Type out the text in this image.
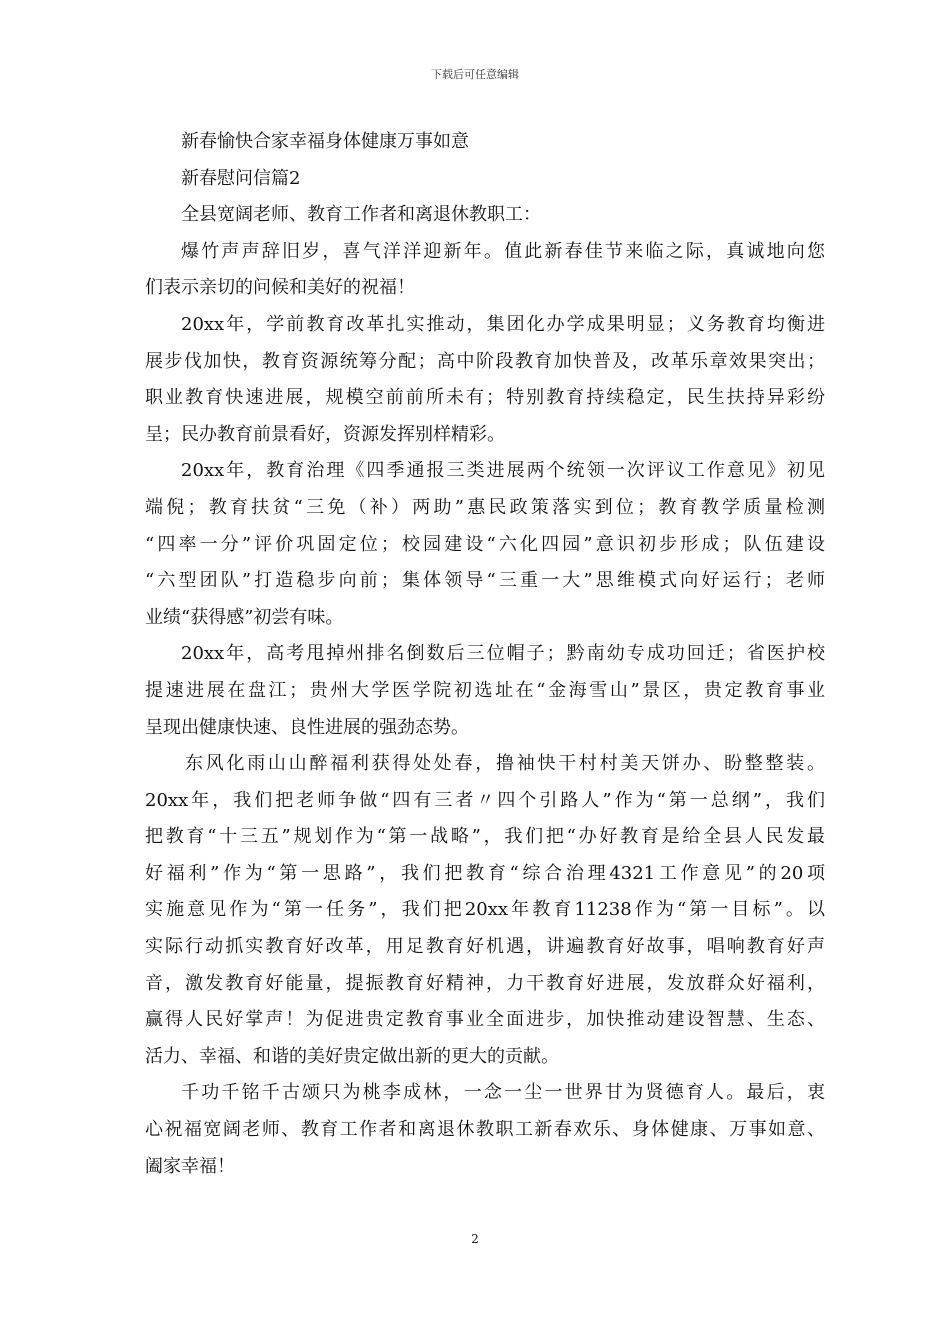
下载后可任意编辑
新春愉快合家幸福身体健康万事如意
新春慰问信篇2
全县宽阔老师、教育工作者和离退休教职工：
爆竹声声辞旧岁，喜气洋洋迎新年。值此新春佳节来临之际，真诚地向您
们表示亲切的问候和美好的祝福！
20xx年，学前教育改革扎实推动，集团化办学成果明显；义务教育均衡进
展步伐加快，教育资源统筹分配；高中阶段教育加快普及，改革乐章效果突出；
职业教育快速进展，规模空前前所未有；特别教育持续稳定，民生扶持异彩纷
呈；民办教育前景看好，资源发挥别样精彩。
20xx年，教育治理《四季通报三类进展两个统领一次评议工作意见》初见
端倪；教育扶贫“三免（补）两助”惠民政策落实到位；教育教学质量检测
“四率一分”评价巩固定位；校园建设“六化四园”意识初步形成；队伍建设
“六型团队”打造稳步向前；集体领导“三重一大”思维模式向好运行；老师
业绩“获得感”初尝有味。
20xx年，高考甩掉州排名倒数后三位帽子；黔南幼专成功回迁；省医护校
提速进展在盘江；贵州大学医学院初选址在“金海雪山”景区，贵定教育事业
呈现出健康快速、良性进展的强劲态势。
东风化雨山山醉福利获得处处春，撸袖快干村村美天饼办、盼整整装。
20xx年，我们把老师争做“四有三者〃四个引路人”作为“第一总纲”，我们
把教育“十三五”规划作为“第一战略”，我们把“办好教育是给全县人民发最
好福利”作为“第一思路”，我们把教育“综合治理4321工作意见”的20项
实施意见作为“第一任务”，我们把20xx年教育11238作为“第一目标”。以
实际行动抓实教育好改革，用足教育好机遇，讲遍教育好故事，唱响教育好声
音，激发教育好能量，提振教育好精神，力干教育好进展，发放群众好福利，
赢得人民好掌声！为促进贵定教育事业全面进步，加快推动建设智慧、生态、
活力、幸福、和谐的美好贵定做出新的更大的贡献。
千功千铭千古颂只为桃李成林，一念一尘一世界甘为贤德育人。最后，衷
心祝福宽阔老师、教育工作者和离退休教职工新春欢乐、身体健康、万事如意、
阖家幸福！
2
